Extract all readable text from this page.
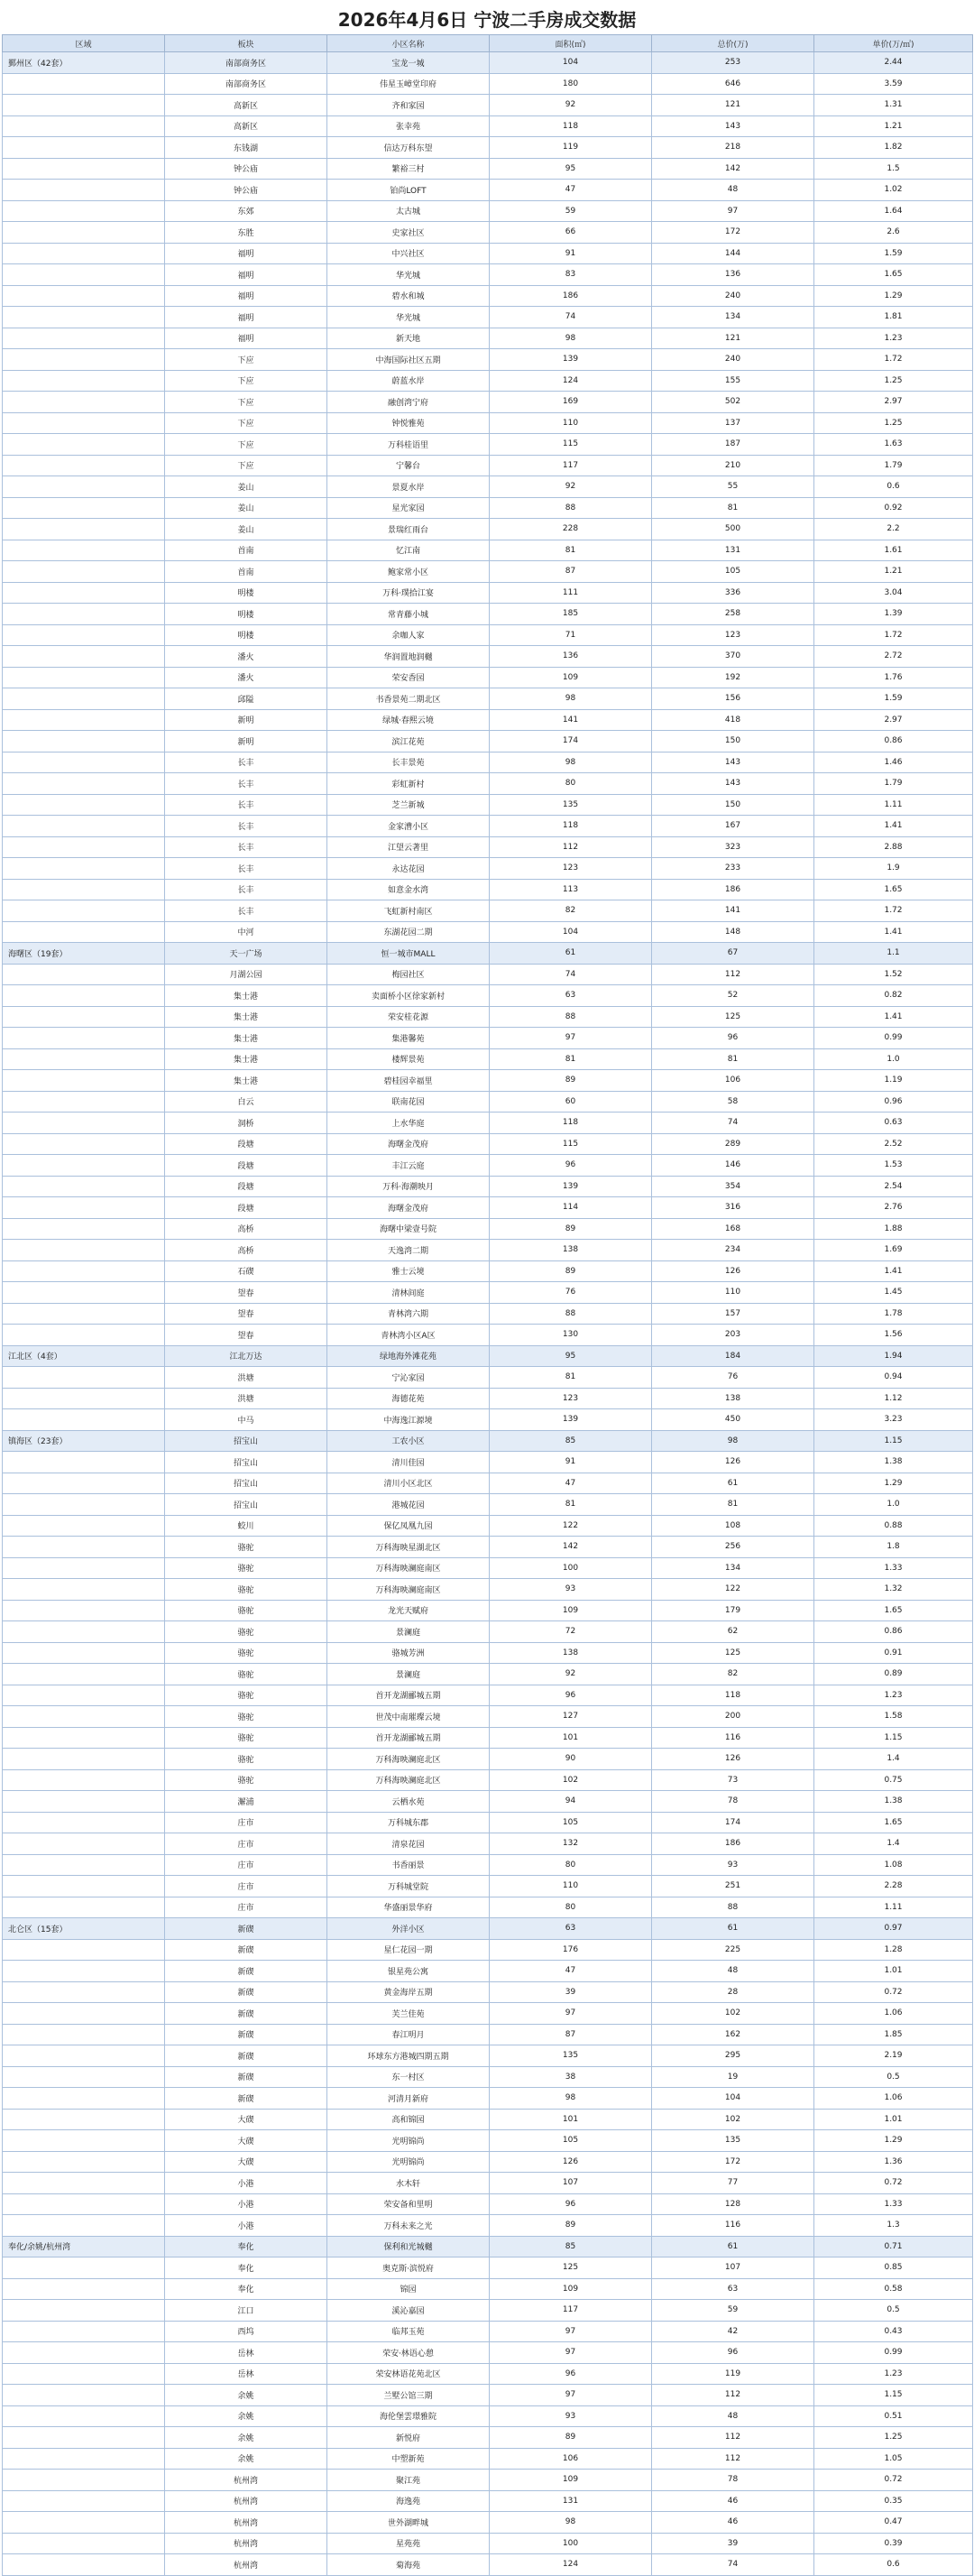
2026年4月6日 宁波二手房成交数据
区域	板块	小区名称	面积(㎡)	总价(万)	单价(万/㎡)
鄞州区（42套）	南部商务区	宝龙一城	104	253	2.44
	南部商务区	伟星玉嶂堂印府	180	646	3.59
	高新区	齐和家园	92	121	1.31
	高新区	张幸苑	118	143	1.21
	东钱湖	信达万科东望	119	218	1.82
	钟公庙	繁裕三村	95	142	1.5
	钟公庙	铂尚LOFT	47	48	1.02
	东郊	太古城	59	97	1.64
	东胜	史家社区	66	172	2.6
	福明	中兴社区	91	144	1.59
	福明	华光城	83	136	1.65
	福明	碧水和城	186	240	1.29
	福明	华光城	74	134	1.81
	福明	新天地	98	121	1.23
	下应	中海国际社区五期	139	240	1.72
	下应	蔚蓝水岸	124	155	1.25
	下应	融创湾宁府	169	502	2.97
	下应	钟悦雅苑	110	137	1.25
	下应	万科桂语里	115	187	1.63
	下应	宁馨台	117	210	1.79
	姜山	景夏水岸	92	55	0.6
	姜山	星光家园	88	81	0.92
	姜山	景瑞红雨台	228	500	2.2
	首南	忆江南	81	131	1.61
	首南	鲍家常小区	87	105	1.21
	明楼	万科·璞拾江宴	111	336	3.04
	明楼	常青藤小城	185	258	1.39
	明楼	余咖人家	71	123	1.72
	潘火	华润置地润樾	136	370	2.72
	潘火	荣安香园	109	192	1.76
	邱隘	书香景苑二期北区	98	156	1.59
	新明	绿城·春熙云境	141	418	2.97
	新明	滨江花苑	174	150	0.86
	长丰	长丰景苑	98	143	1.46
	长丰	彩虹新村	80	143	1.79
	长丰	芝兰新城	135	150	1.11
	长丰	金家漕小区	118	167	1.41
	长丰	江望云著里	112	323	2.88
	长丰	永达花园	123	233	1.9
	长丰	如意金水湾	113	186	1.65
	长丰	飞虹新村南区	82	141	1.72
	中河	东湖花园二期	104	148	1.41
海曙区（19套）	天一广场	恒一城市MALL	61	67	1.1
	月湖公园	梅园社区	74	112	1.52
	集士港	卖面桥小区徐家新村	63	52	0.82
	集士港	荣安桂花源	88	125	1.41
	集士港	集港馨苑	97	96	0.99
	集士港	楼辉景苑	81	81	1.0
	集士港	碧桂园幸福里	89	106	1.19
	白云	联南花园	60	58	0.96
	洞桥	上水华庭	118	74	0.63
	段塘	海曙金茂府	115	289	2.52
	段塘	丰江云庭	96	146	1.53
	段塘	万科·海潮映月	139	354	2.54
	段塘	海曙金茂府	114	316	2.76
	高桥	海曙中梁壹号院	89	168	1.88
	高桥	天逸湾二期	138	234	1.69
	石碶	雅士云境	89	126	1.41
	望春	清林间庭	76	110	1.45
	望春	青林湾六期	88	157	1.78
	望春	青林湾小区A区	130	203	1.56
江北区（4套）	江北万达	绿地海外滩花苑	95	184	1.94
	洪塘	宁沁家园	81	76	0.94
	洪塘	海德花苑	123	138	1.12
	中马	中海逸江源境	139	450	3.23
镇海区（23套）	招宝山	工农小区	85	98	1.15
	招宝山	清川佳园	91	126	1.38
	招宝山	清川小区北区	47	61	1.29
	招宝山	港城花园	81	81	1.0
	蛟川	保亿凤凰九园	122	108	0.88
	骆驼	万科海映星湖北区	142	256	1.8
	骆驼	万科海映澜庭南区	100	134	1.33
	骆驼	万科海映澜庭南区	93	122	1.32
	骆驼	龙光天赋府	109	179	1.65
	骆驼	景澜庭	72	62	0.86
	骆驼	骆城芳洲	138	125	0.91
	骆驼	景澜庭	92	82	0.89
	骆驼	首开龙湖郦城五期	96	118	1.23
	骆驼	世茂中南璀璨云境	127	200	1.58
	骆驼	首开龙湖郦城五期	101	116	1.15
	骆驼	万科海映澜庭北区	90	126	1.4
	骆驼	万科海映澜庭北区	102	73	0.75
	澥浦	云栖水苑	94	78	1.38
	庄市	万科城东郡	105	174	1.65
	庄市	清泉花园	132	186	1.4
	庄市	书香丽景	80	93	1.08
	庄市	万科城堂院	110	251	2.28
	庄市	华盛丽景华府	80	88	1.11
北仑区（15套）	新碶	外洋小区	63	61	0.97
	新碶	星仁花园一期	176	225	1.28
	新碶	银星苑公寓	47	48	1.01
	新碶	黄金海岸五期	39	28	0.72
	新碶	芙兰佳苑	97	102	1.06
	新碶	春江明月	87	162	1.85
	新碶	环球东方港城四期五期	135	295	2.19
	新碶	东一村区	38	19	0.5
	新碶	河清月新府	98	104	1.06
	大碶	高和锦园	101	102	1.01
	大碶	光明锦尚	105	135	1.29
	大碶	光明锦尚	126	172	1.36
	小港	水木轩	107	77	0.72
	小港	荣安备和里明	96	128	1.33
	小港	万科未来之光	89	116	1.3
奉化/余姚/杭州湾	奉化	保利和光城樾	85	61	0.71
	奉化	奥克斯·滨悦府	125	107	0.85
	奉化	锦园	109	63	0.58
	江口	溪沁嘉园	117	59	0.5
	西坞	临邦玉苑	97	42	0.43
	岳林	荣安·林语心憩	97	96	0.99
	岳林	荣安林语花苑北区	96	119	1.23
	余姚	兰墅公馆三期	97	112	1.15
	余姚	海伦堡雲璟雅院	93	48	0.51
	余姚	新悦府	89	112	1.25
	余姚	中塑新苑	106	112	1.05
	杭州湾	聚江苑	109	78	0.72
	杭州湾	海逸苑	131	46	0.35
	杭州湾	世外湖畔城	98	46	0.47
	杭州湾	星苑苑	100	39	0.39
	杭州湾	菊海苑	124	74	0.6
